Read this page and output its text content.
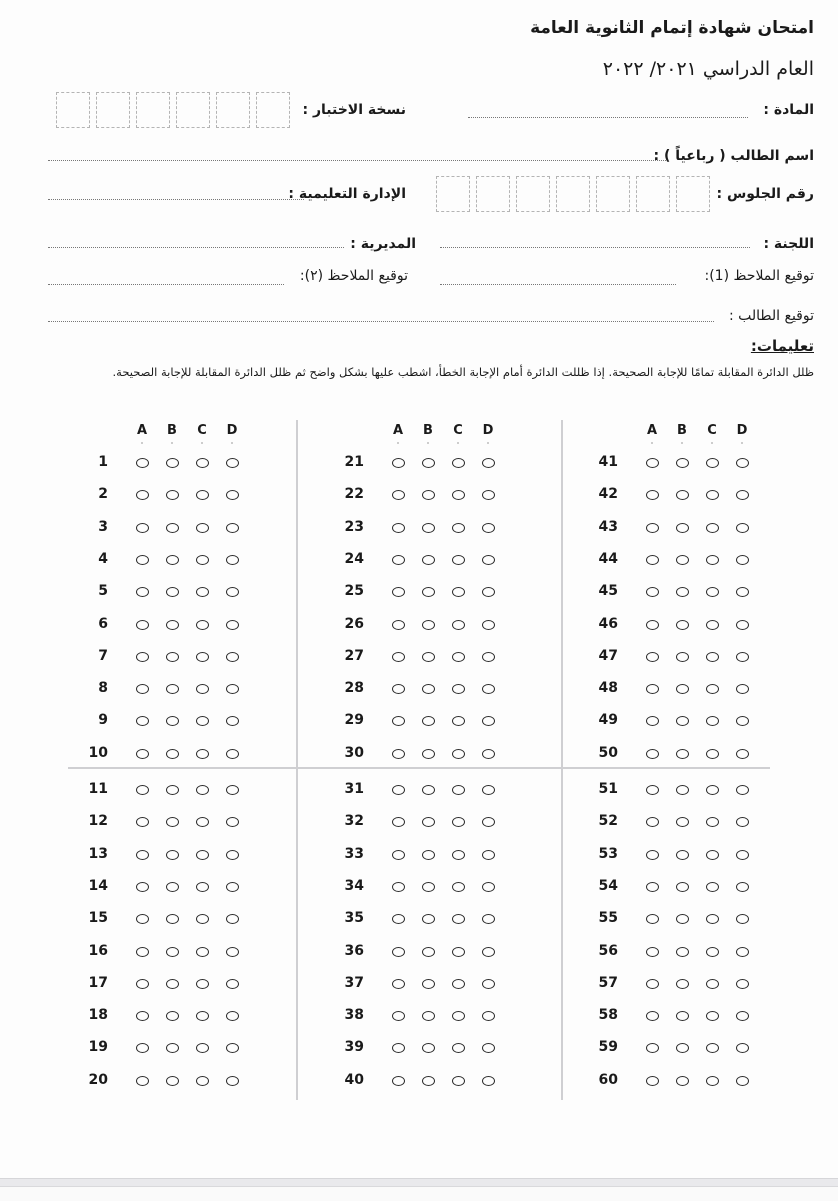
امتحان شهادة إتمام الثانوية العامة
العام الدراسي ٢٠٢١/ ٢٠٢٢
المادة :
نسخة الاختبار :
اسم الطالب ( رباعياً ) :
رقم الجلوس :
الإدارة التعليمية :
اللجنة :
المديرية :
توقيع الملاحظ (1):
توقيع الملاحظ (٢):
توقيع الطالب :
تعليمات:
ظلل الدائرة المقابلة تمامًا للإجابة الصحيحة. إذا ظللت الدائرة أمام الإجابة الخطأ، اشطب عليها بشكل واضح ثم ظلل الدائرة المقابلة للإجابة الصحيحة.
A	B	C	D
1
2
3
4
5
6
7
8
9
10
11
12
13
14
15
16
17
18
19
20
A	B	C	D
21
22
23
24
25
26
27
28
29
30
31
32
33
34
35
36
37
38
39
40
A	B	C	D
41
42
43
44
45
46
47
48
49
50
51
52
53
54
55
56
57
58
59
60
